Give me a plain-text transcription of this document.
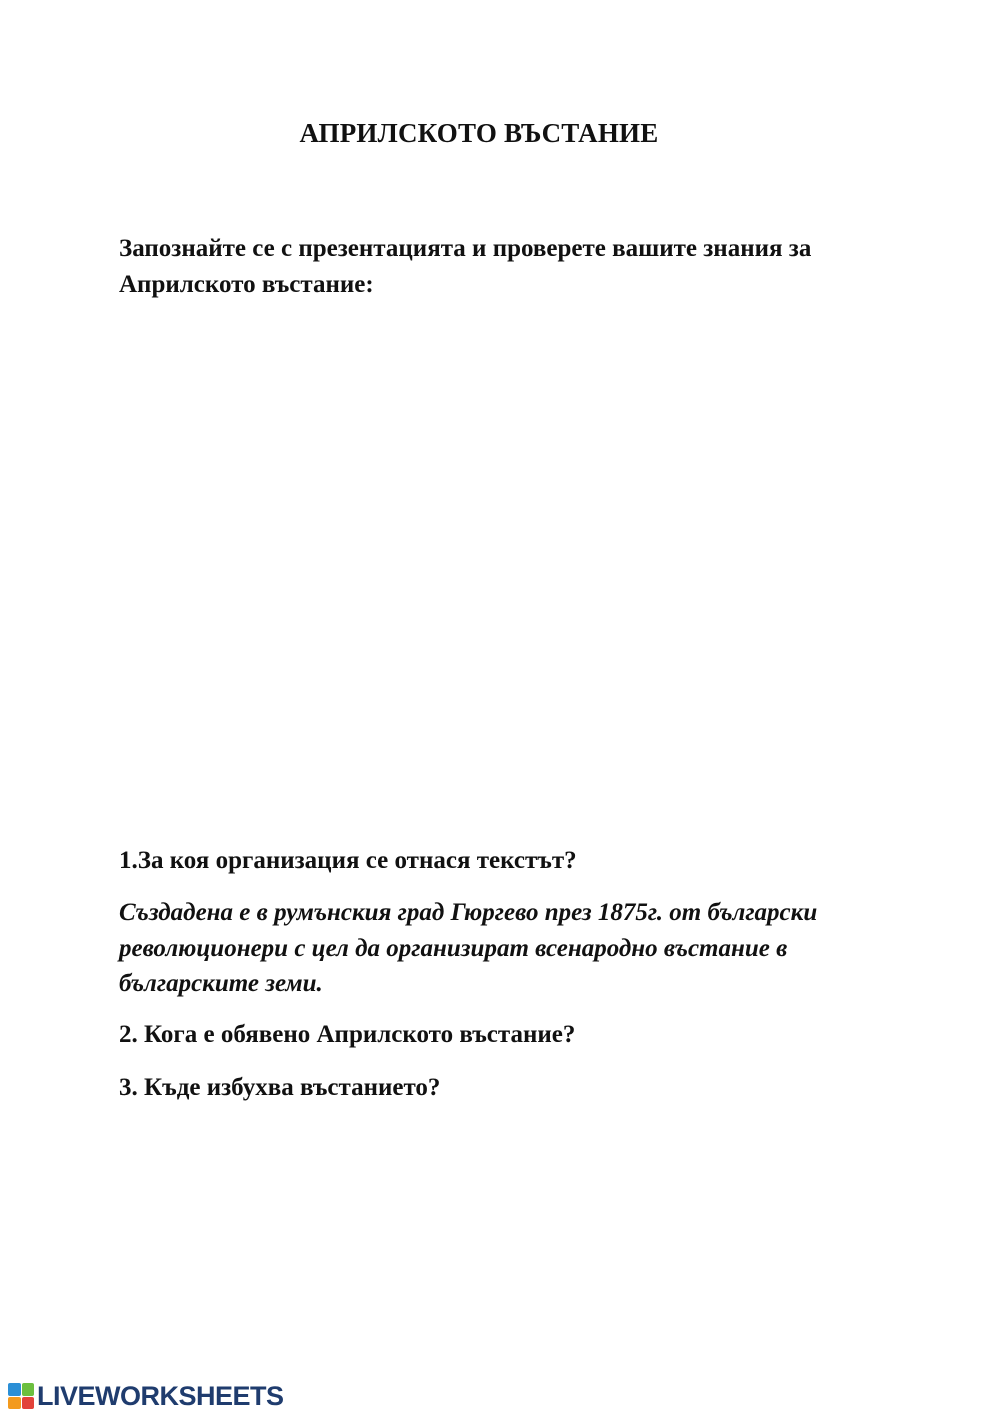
АПРИЛСКОТО ВЪСТАНИЕ

Запознайте се с презентацията и проверете вашите знания за
Априлското въстание:

1.За коя организация се отнася текстът?

Създадена е в румънския град Гюргево през 1875г. от български
революционери с цел да организират всенародно въстание в
българските земи.

2. Кога е обявено Априлското въстание?

3. Къде избухва въстанието?

LIVEWORKSHEETS
